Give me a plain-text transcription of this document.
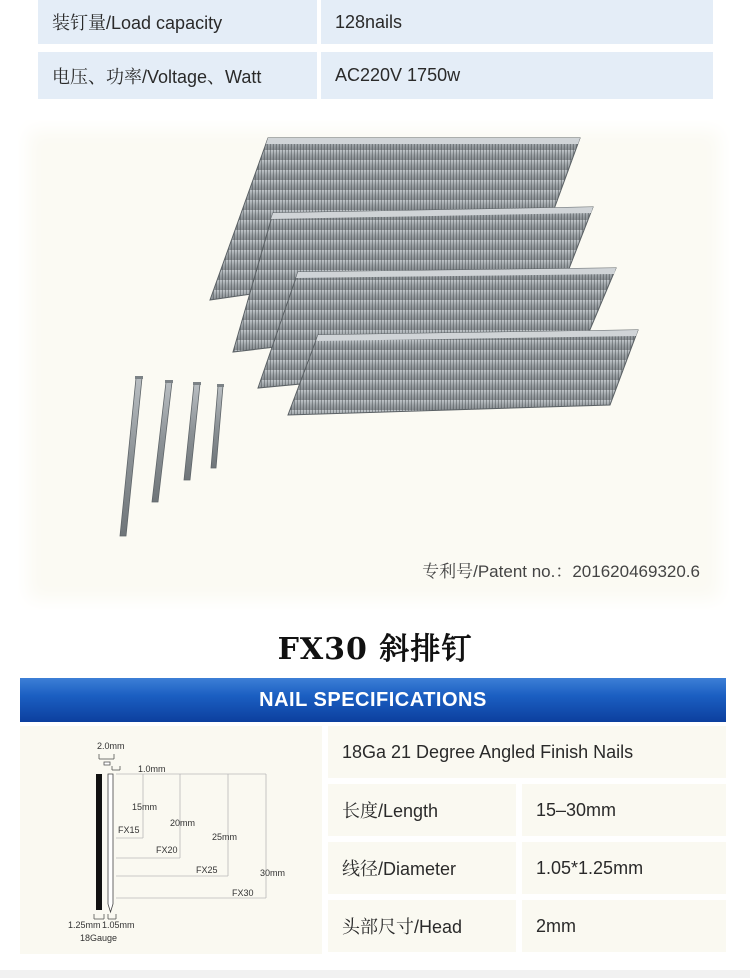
装钉量/Load capacity	128nails
电压、功率/Voltage、Watt	AC220V 1750w
专利号/Patent no.：201620469320.6
FX30 斜排钉
NAIL SPECIFICATIONS
2.0mm
1.0mm
15mm
20mm
25mm
30mm
FX15
FX20
FX25
FX30
1.25mm 1.05mm
18Gauge
18Ga 21 Degree Angled Finish Nails
长度/Length	15–30mm
线径/Diameter	1.05*1.25mm
头部尺寸/Head	2mm
